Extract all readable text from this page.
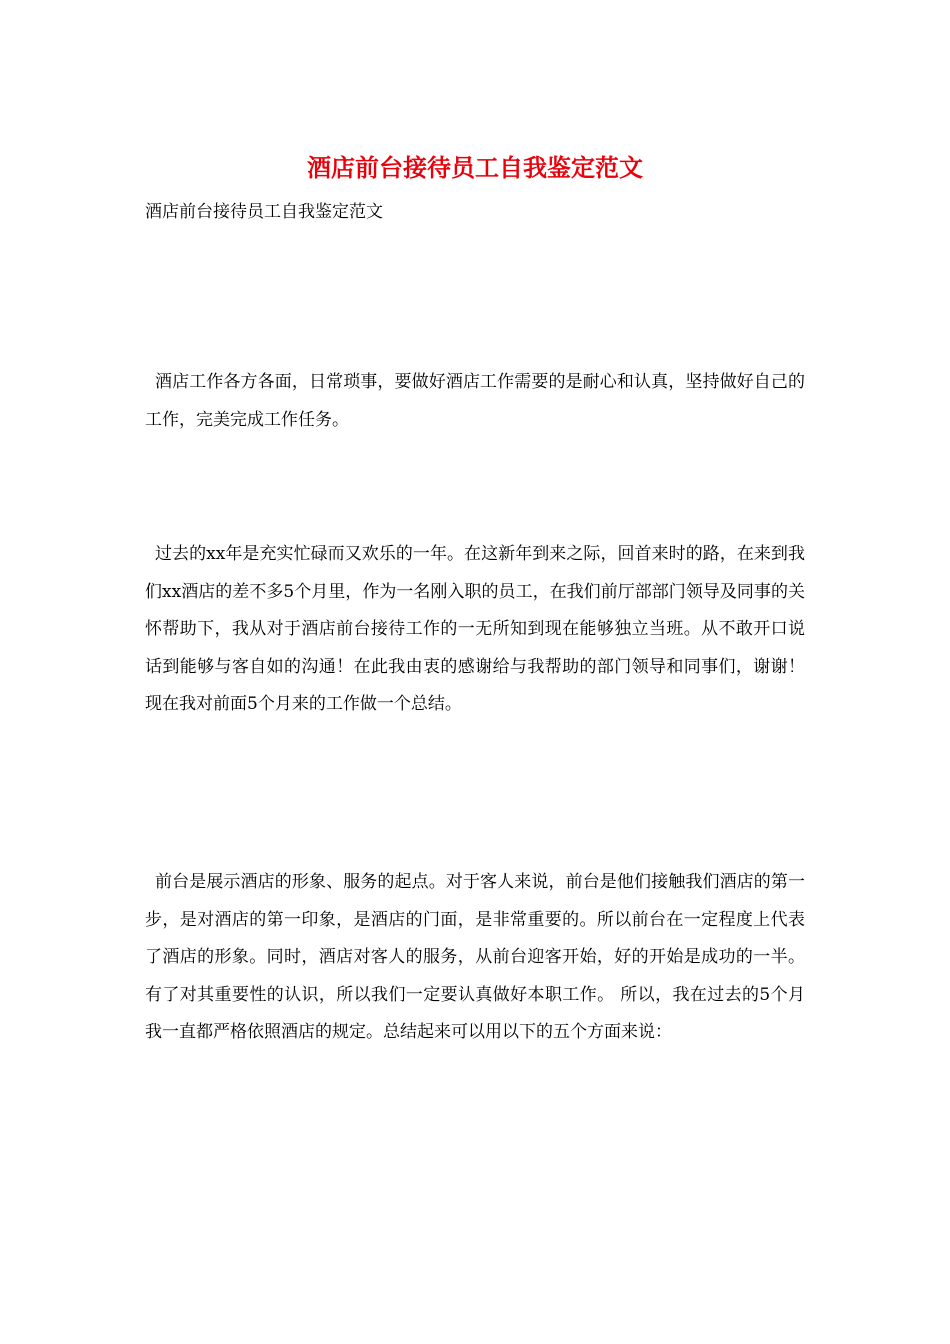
酒店前台接待员工自我鉴定范文
酒店前台接待员工自我鉴定范文

酒店工作各方各面，日常琐事，要做好酒店工作需要的是耐心和认真，坚持做好自己的工作，完美完成工作任务。

过去的xx年是充实忙碌而又欢乐的一年。在这新年到来之际，回首来时的路，在来到我们xx酒店的差不多5个月里，作为一名刚入职的员工，在我们前厅部部门领导及同事的关怀帮助下，我从对于酒店前台接待工作的一无所知到现在能够独立当班。从不敢开口说话到能够与客自如的沟通！在此我由衷的感谢给与我帮助的部门领导和同事们，谢谢！现在我对前面5个月来的工作做一个总结。

前台是展示酒店的形象、服务的起点。对于客人来说，前台是他们接触我们酒店的第一步，是对酒店的第一印象，是酒店的门面，是非常重要的。所以前台在一定程度上代表了酒店的形象。同时，酒店对客人的服务，从前台迎客开始，好的开始是成功的一半。有了对其重要性的认识，所以我们一定要认真做好本职工作。 所以，我在过去的5个月我一直都严格依照酒店的规定。总结起来可以用以下的五个方面来说：
